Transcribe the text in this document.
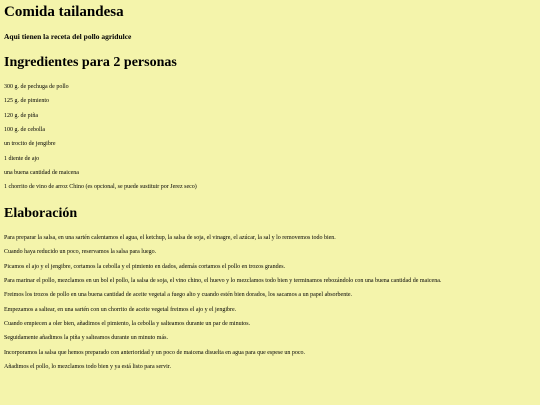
Comida tailandesa

Aqui tienen la receta del pollo agridulce

Ingredientes para 2 personas
300 g. de pechuga de pollo
125 g. de pimiento
120 g. de piña
100 g. de cebolla
un trocito de jengibre
1 diente de ajo
una buena cantidad de maicena
1 chorrito de vino de arroz Chino (es opcional, se puede sustituir por Jerez seco)
Elaboración
Para preparar la salsa, en una sartén calentamos el agua, el ketchup, la salsa de soja, el vinagre, el azúcar, la sal y lo removemos todo bien.
Cuando haya reducido un poco, reservamos la salsa para luego.
Picamos el ajo y el jengibre, cortamos la cebolla y el pimiento en dados, además cortamos el pollo en trozos grandes.
Para marinar el pollo, mezclamos en un bol el pollo, la salsa de soja, el vino chino, el huevo y lo mezclamos todo bien y terminamos rebozándolo con una buena cantidad de maicena.
Freimos los trozos de pollo en una buena cantidad de aceite vegetal a fuego alto y cuando estén bien dorados, los sacamos a un papel absorbente.
Empezamos a saltear, en una sartén con un chorrito de aceite vegetal freimos el ajo y el jengibre.
Cuando empiecen a oler bien, añadimos el pimiento, la cebolla y salteamos durante un par de minutos.
Seguidamente añadimos la piña y salteamos durante un minuto más.
Incorporamos la salsa que hemos preparado con anterioridad y un poco de maicena disuelta en agua para que espese un poco.
Añadimos el pollo, lo mezclamos todo bien y ya está listo para servir.
